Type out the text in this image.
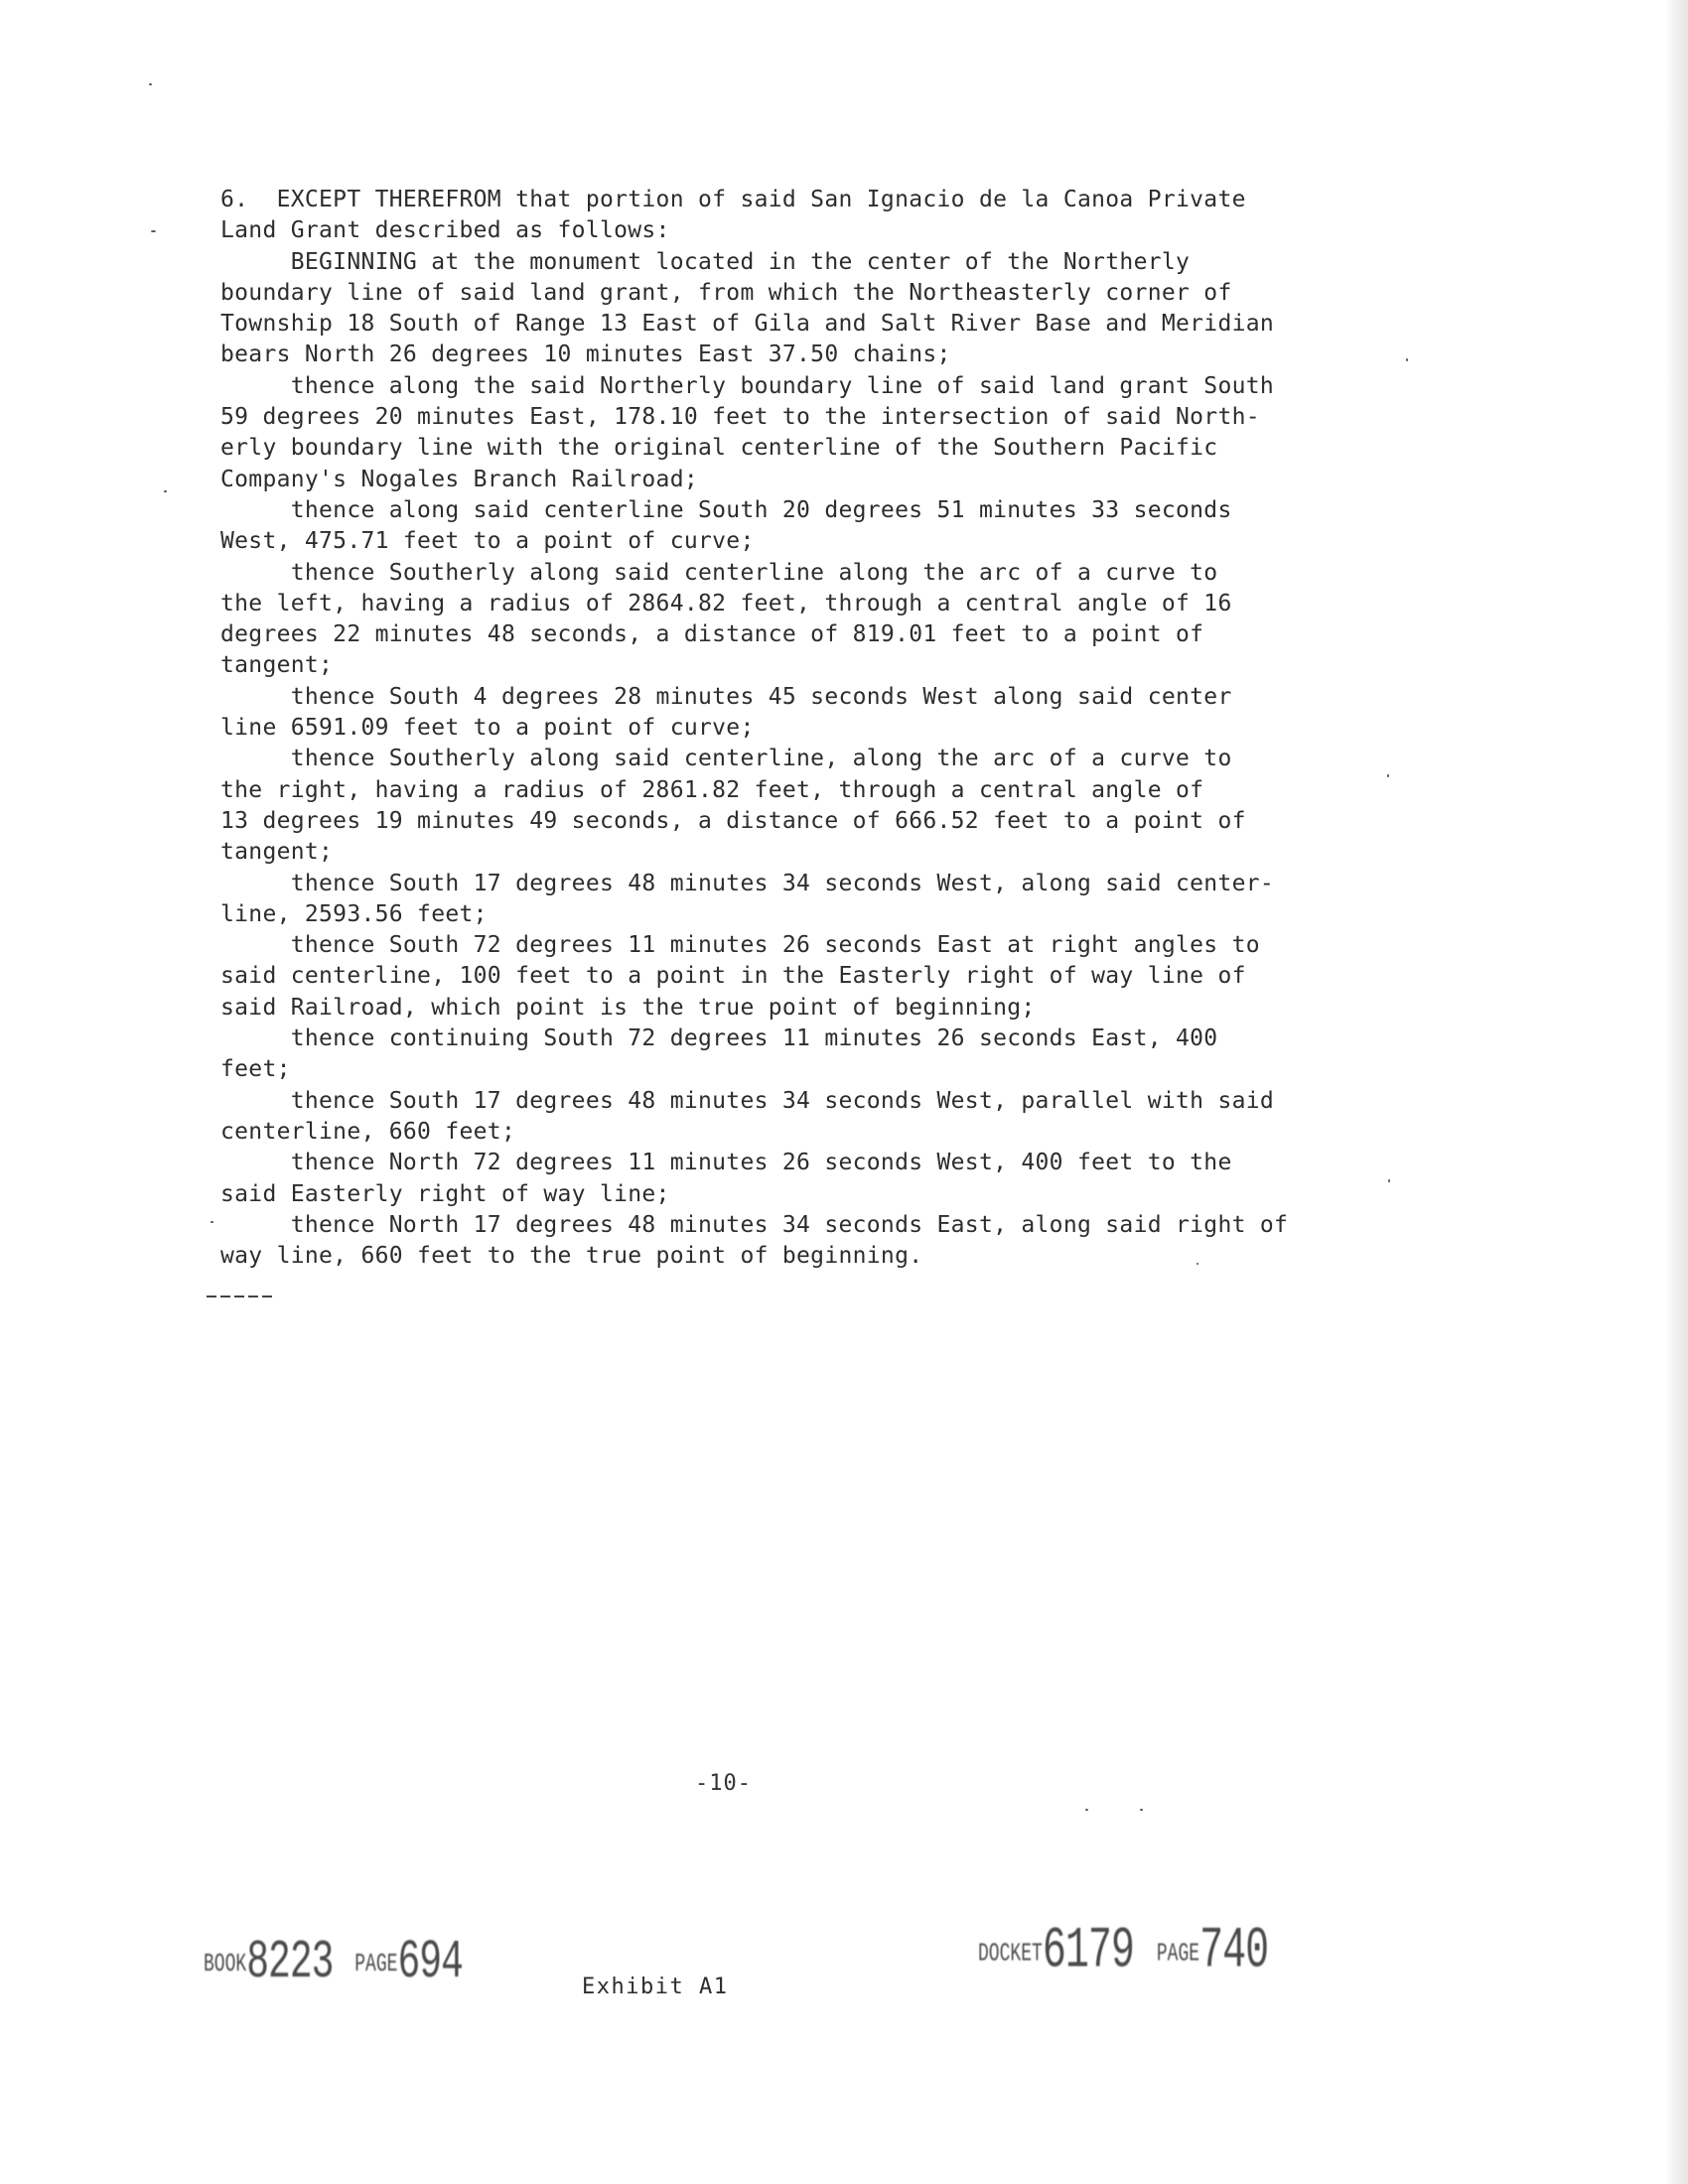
6.  EXCEPT THEREFROM that portion of said San Ignacio de la Canoa Private
Land Grant described as follows:
BEGINNING at the monument located in the center of the Northerly
boundary line of said land grant, from which the Northeasterly corner of
Township 18 South of Range 13 East of Gila and Salt River Base and Meridian
bears North 26 degrees 10 minutes East 37.50 chains;
thence along the said Northerly boundary line of said land grant South
59 degrees 20 minutes East, 178.10 feet to the intersection of said North-
erly boundary line with the original centerline of the Southern Pacific
Company's Nogales Branch Railroad;
thence along said centerline South 20 degrees 51 minutes 33 seconds
West, 475.71 feet to a point of curve;
thence Southerly along said centerline along the arc of a curve to
the left, having a radius of 2864.82 feet, through a central angle of 16
degrees 22 minutes 48 seconds, a distance of 819.01 feet to a point of
tangent;
thence South 4 degrees 28 minutes 45 seconds West along said center
line 6591.09 feet to a point of curve;
thence Southerly along said centerline, along the arc of a curve to
the right, having a radius of 2861.82 feet, through a central angle of
13 degrees 19 minutes 49 seconds, a distance of 666.52 feet to a point of
tangent;
thence South 17 degrees 48 minutes 34 seconds West, along said center-
line, 2593.56 feet;
thence South 72 degrees 11 minutes 26 seconds East at right angles to
said centerline, 100 feet to a point in the Easterly right of way line of
said Railroad, which point is the true point of beginning;
thence continuing South 72 degrees 11 minutes 26 seconds East, 400
feet;
thence South 17 degrees 48 minutes 34 seconds West, parallel with said
centerline, 660 feet;
thence North 72 degrees 11 minutes 26 seconds West, 400 feet to the
said Easterly right of way line;
thence North 17 degrees 48 minutes 34 seconds East, along said right of
way line, 660 feet to the true point of beginning.
-10-
BOOK8223 PAGE694	Exhibit A1
DOCKET6179 PAGE740
